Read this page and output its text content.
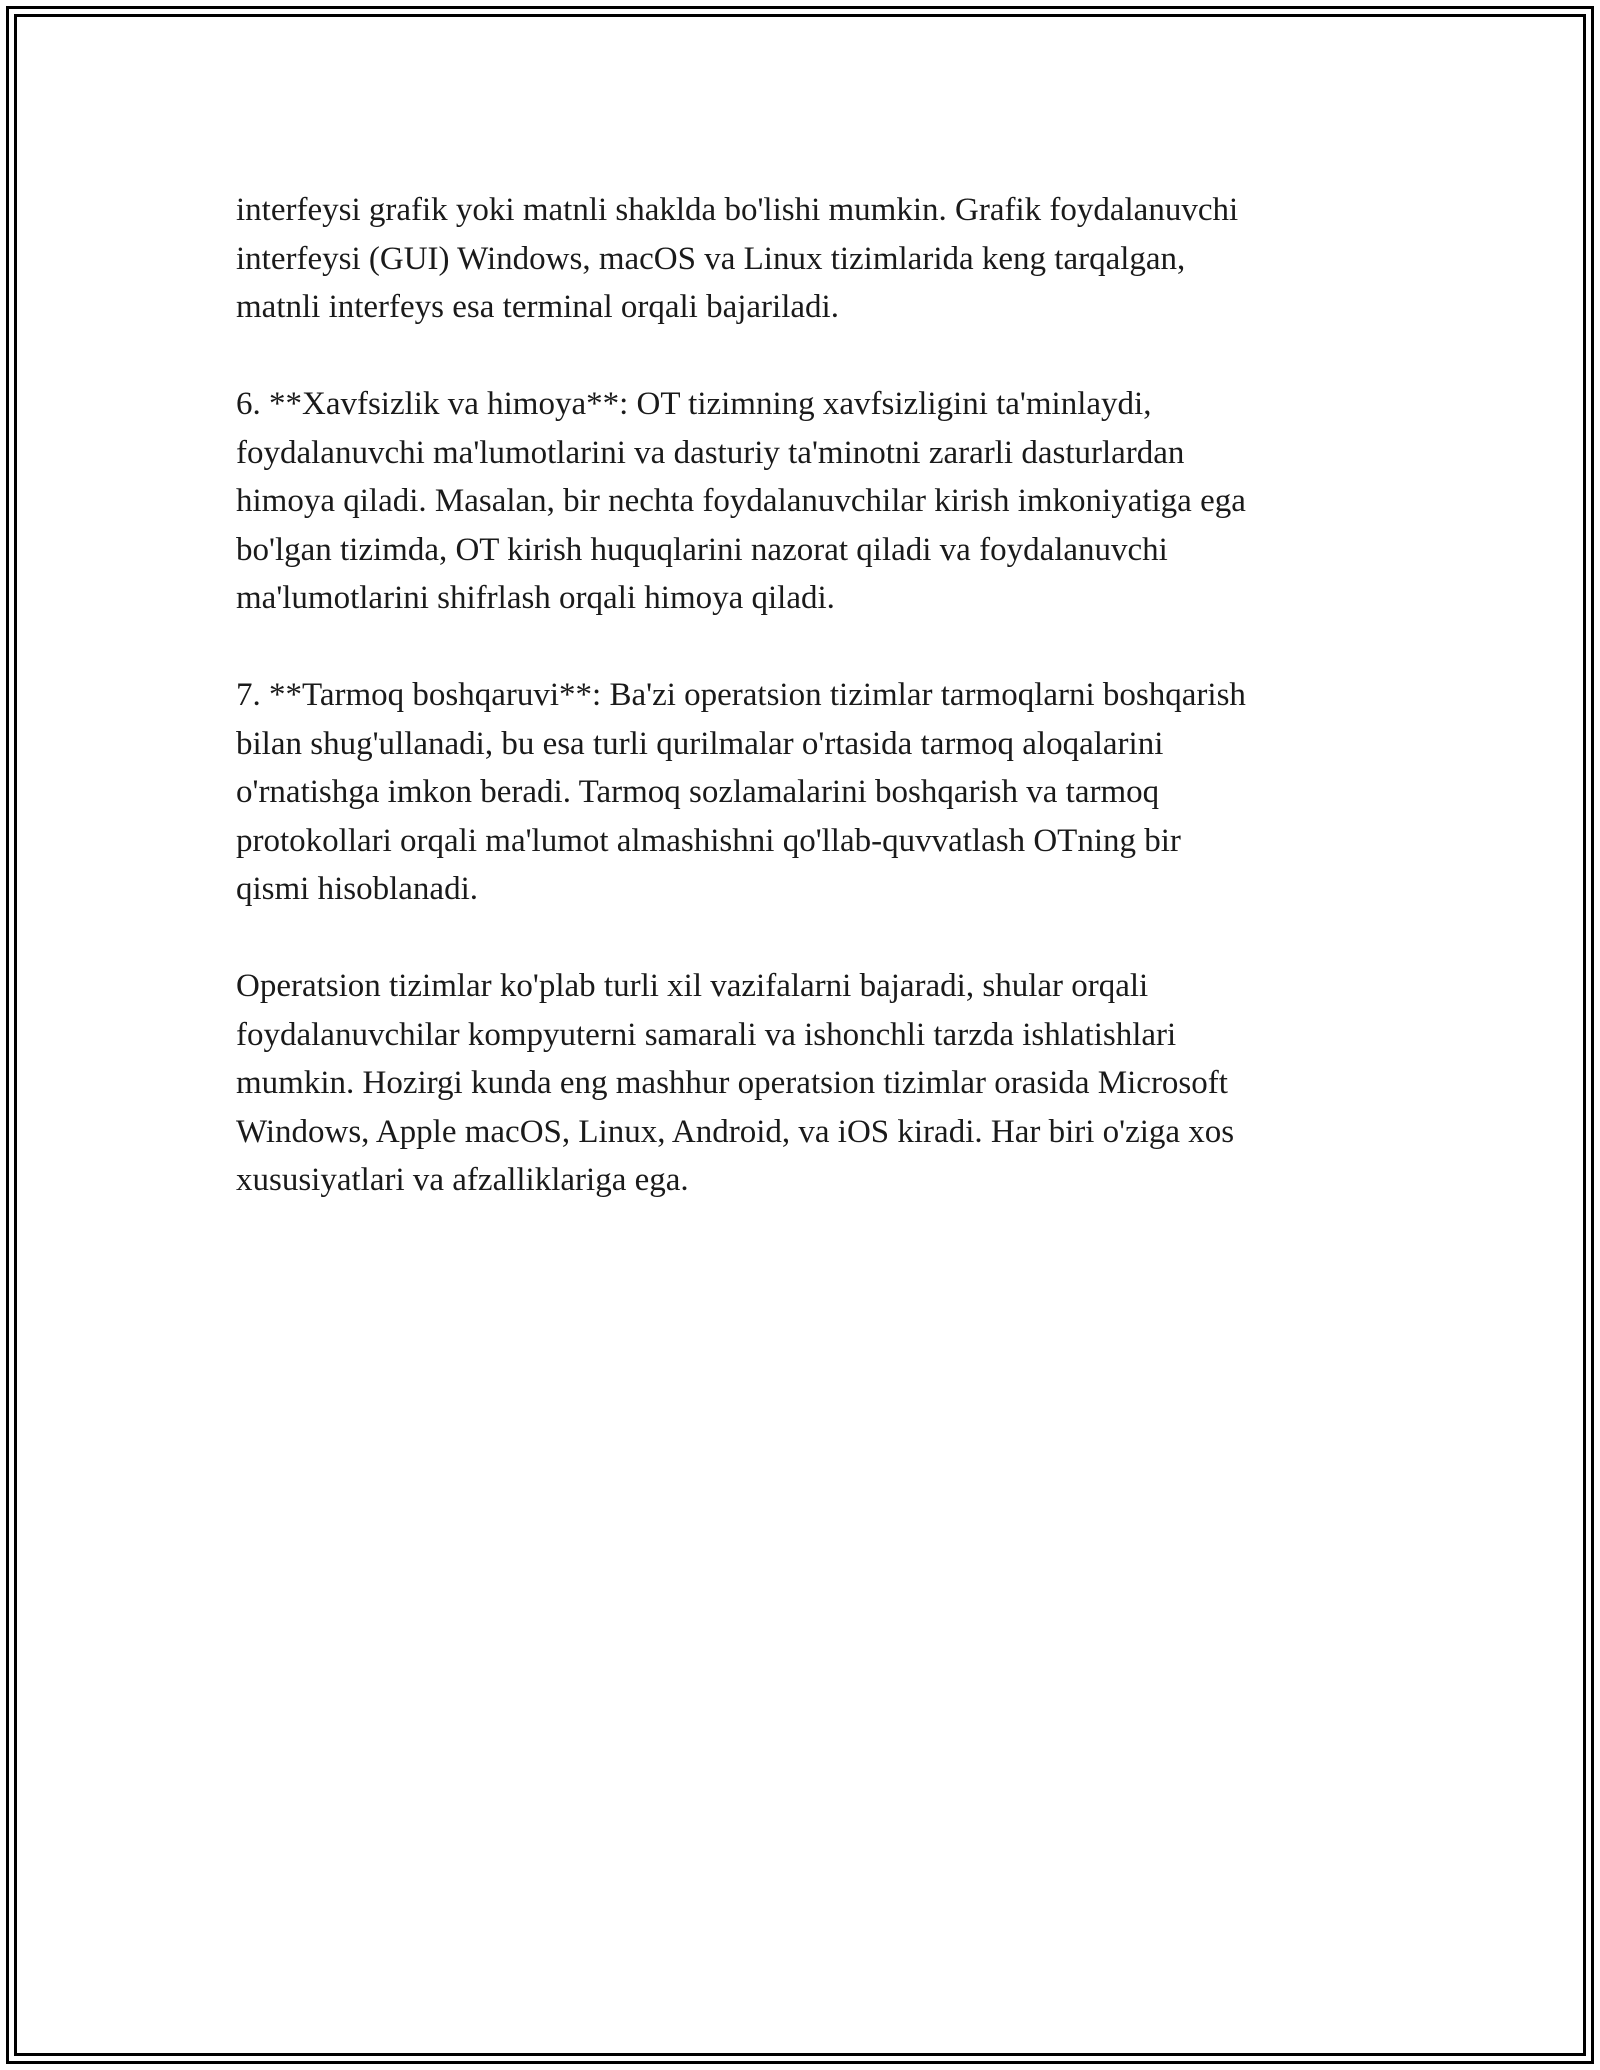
interfeysi grafik yoki matnli shaklda bo'lishi mumkin. Grafik foydalanuvchi
interfeysi (GUI) Windows, macOS va Linux tizimlarida keng tarqalgan,
matnli interfeys esa terminal orqali bajariladi.

6. **Xavfsizlik va himoya**: OT tizimning xavfsizligini ta'minlaydi,
foydalanuvchi ma'lumotlarini va dasturiy ta'minotni zararli dasturlardan
himoya qiladi. Masalan, bir nechta foydalanuvchilar kirish imkoniyatiga ega
bo'lgan tizimda, OT kirish huquqlarini nazorat qiladi va foydalanuvchi
ma'lumotlarini shifrlash orqali himoya qiladi.

7. **Tarmoq boshqaruvi**: Ba'zi operatsion tizimlar tarmoqlarni boshqarish
bilan shug'ullanadi, bu esa turli qurilmalar o'rtasida tarmoq aloqalarini
o'rnatishga imkon beradi. Tarmoq sozlamalarini boshqarish va tarmoq
protokollari orqali ma'lumot almashishni qo'llab-quvvatlash OTning bir
qismi hisoblanadi.

Operatsion tizimlar ko'plab turli xil vazifalarni bajaradi, shular orqali
foydalanuvchilar kompyuterni samarali va ishonchli tarzda ishlatishlari
mumkin. Hozirgi kunda eng mashhur operatsion tizimlar orasida Microsoft
Windows, Apple macOS, Linux, Android, va iOS kiradi. Har biri o'ziga xos
xususiyatlari va afzalliklariga ega.
